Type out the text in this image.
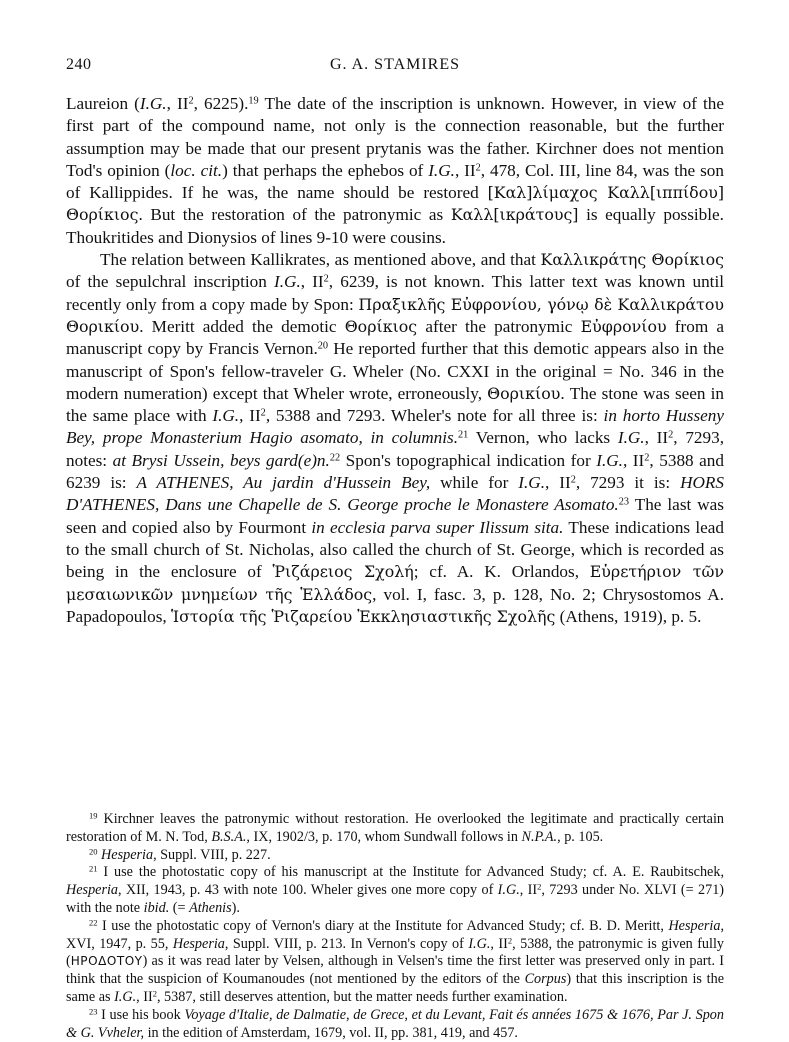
240	G. A. STAMIRES

Laureion (I.G., $II^2$, 6225).$^{19}$ The date of the inscription is unknown. However, in view of the first part of the compound name, not only is the connection reasonable, but the further assumption may be made that our present prytanis was the father. Kirchner does not mention Tod's opinion (loc. cit.) that perhaps the ephebos of I.G., $II^2$, 478, Col. III, line 84, was the son of Kallippides. If he was, the name should be restored [Καλ]λίμαχος Καλλ[ιππίδου] Θορίκιος. But the restoration of the patronymic as Καλλ[ικράτους] is equally possible. Thoukritides and Dionysios of lines 9-10 were cousins.

The relation between Kallikrates, as mentioned above, and that Καλλικράτης Θορίκιος of the sepulchral inscription I.G., $II^2$, 6239, is not known. This latter text was known until recently only from a copy made by Spon: Πραξικλῆς Εὐφρονίου, γόνῳ δὲ Καλλικράτου Θορικίου. Meritt added the demotic Θορίκιος after the patronymic Εὐφρονίου from a manuscript copy by Francis Vernon.$^{20}$ He reported further that this demotic appears also in the manuscript of Spon's fellow-traveler G. Wheler (No. CXXI in the original = No. 346 in the modern numeration) except that Wheler wrote, erroneously, Θορικίου. The stone was seen in the same place with I.G., $II^2$, 5388 and 7293. Wheler's note for all three is: in horto Husseny Bey, prope Monasterium Hagio asomato, in columnis.$^{21}$ Vernon, who lacks I.G., $II^2$, 7293, notes: at Brysi Ussein, beys gard(e)n.$^{22}$ Spon's topographical indication for I.G., $II^2$, 5388 and 6239 is: A ATHENES, Au jardin d'Hussein Bey, while for I.G., $II^2$, 7293 it is: HORS D'ATHENES, Dans une Chapelle de S. George proche le Monastere Asomato.$^{23}$ The last was seen and copied also by Fourmont in ecclesia parva super Ilissum sita. These indications lead to the small church of St. Nicholas, also called the church of St. George, which is recorded as being in the enclosure of Ῥιζάρειος Σχολή; cf. A. K. Orlandos, Εὑρετήριον τῶν μεσαιωνικῶν μνημείων τῆς Ἑλλάδος, vol. I, fasc. 3, p. 128, No. 2; Chrysostomos A. Papadopoulos, Ἱστορία τῆς Ῥιζαρείου Ἐκκλησιαστικῆς Σχολῆς (Athens, 1919), p. 5.

$^{19}$ Kirchner leaves the patronymic without restoration. He overlooked the legitimate and practically certain restoration of M. N. Tod, B.S.A., IX, 1902/3, p. 170, whom Sundwall follows in N.P.A., p. 105.

$^{20}$ Hesperia, Suppl. VIII, p. 227.

$^{21}$ I use the photostatic copy of his manuscript at the Institute for Advanced Study; cf. A. E. Raubitschek, Hesperia, XII, 1943, p. 43 with note 100. Wheler gives one more copy of I.G., $II^2$, 7293 under No. XLVI (= 271) with the note ibid. (= Athenis).

$^{22}$ I use the photostatic copy of Vernon's diary at the Institute for Advanced Study; cf. B. D. Meritt, Hesperia, XVI, 1947, p. 55, Hesperia, Suppl. VIII, p. 213. In Vernon's copy of I.G., $II^2$, 5388, the patronymic is given fully (ΗΡΟΔΟΤΟΥ) as it was read later by Velsen, although in Velsen's time the first letter was preserved only in part. I think that the suspicion of Koumanoudes (not mentioned by the editors of the Corpus) that this inscription is the same as I.G., $II^2$, 5387, still deserves attention, but the matter needs further examination.

$^{23}$ I use his book Voyage d'Italie, de Dalmatie, de Grece, et du Levant, Fait és années 1675 & 1676, Par J. Spon & G. Vvheler, in the edition of Amsterdam, 1679, vol. II, pp. 381, 419, and 457.
